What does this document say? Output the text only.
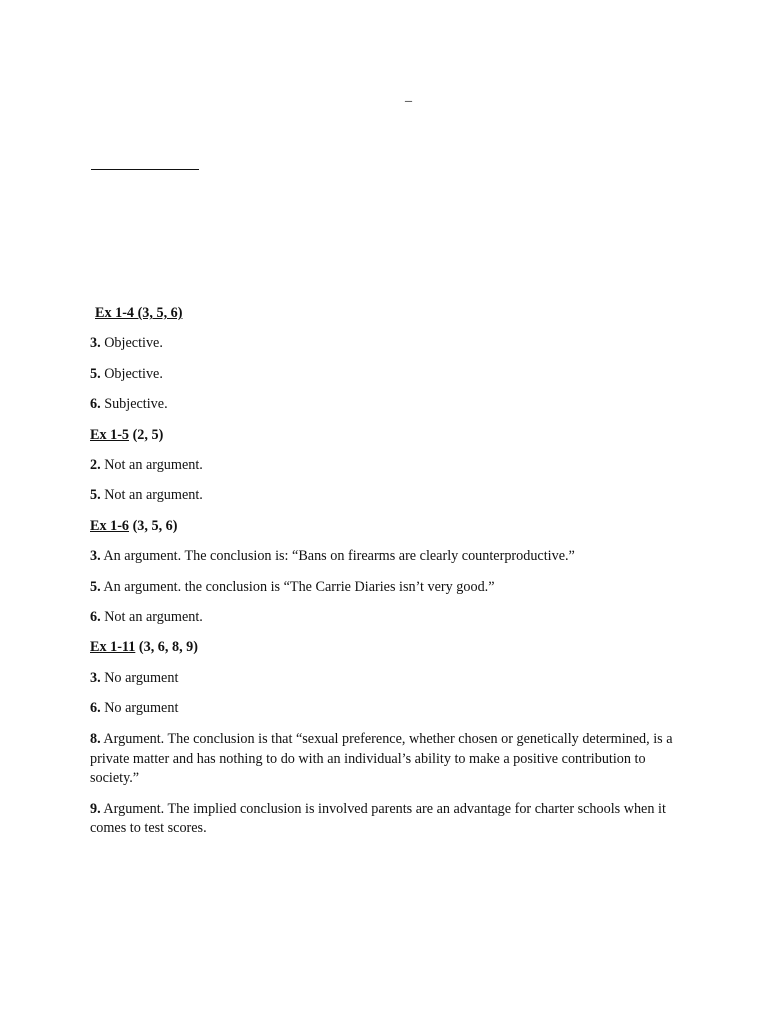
_

Ex 1-4 (3, 5, 6)

3. Objective.

5. Objective.

6. Subjective.

Ex 1-5 (2, 5)

2. Not an argument.

5. Not an argument.

Ex 1-6 (3, 5, 6)

3. An argument. The conclusion is: “Bans on firearms are clearly counterproductive.”

5. An argument. the conclusion is “The Carrie Diaries isn’t very good.”

6. Not an argument.

Ex 1-11 (3, 6, 8, 9)

3. No argument

6. No argument

8. Argument. The conclusion is that “sexual preference, whether chosen or genetically determined, is a private matter and has nothing to do with an individual’s ability to make a positive contribution to society.”

9. Argument. The implied conclusion is involved parents are an advantage for charter schools when it comes to test scores.
